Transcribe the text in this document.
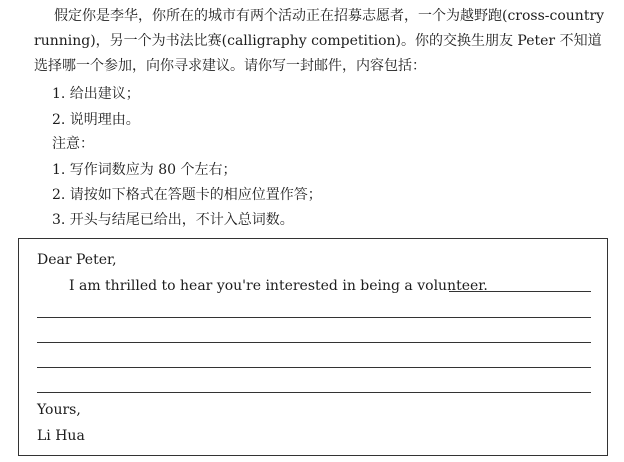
假定你是李华，你所在的城市有两个活动正在招募志愿者，一个为越野跑(cross-country running)，另一个为书法比赛(calligraphy competition)。你的交换生朋友 Peter 不知道选择哪一个参加，向你寻求建议。请你写一封邮件，内容包括：
1. 给出建议；
2. 说明理由。
注意：
1. 写作词数应为 80 个左右；
2. 请按如下格式在答题卡的相应位置作答；
3. 开头与结尾已给出，不计入总词数。
Dear Peter,
I am thrilled to hear you're interested in being a volunteer.
Yours,
Li Hua
